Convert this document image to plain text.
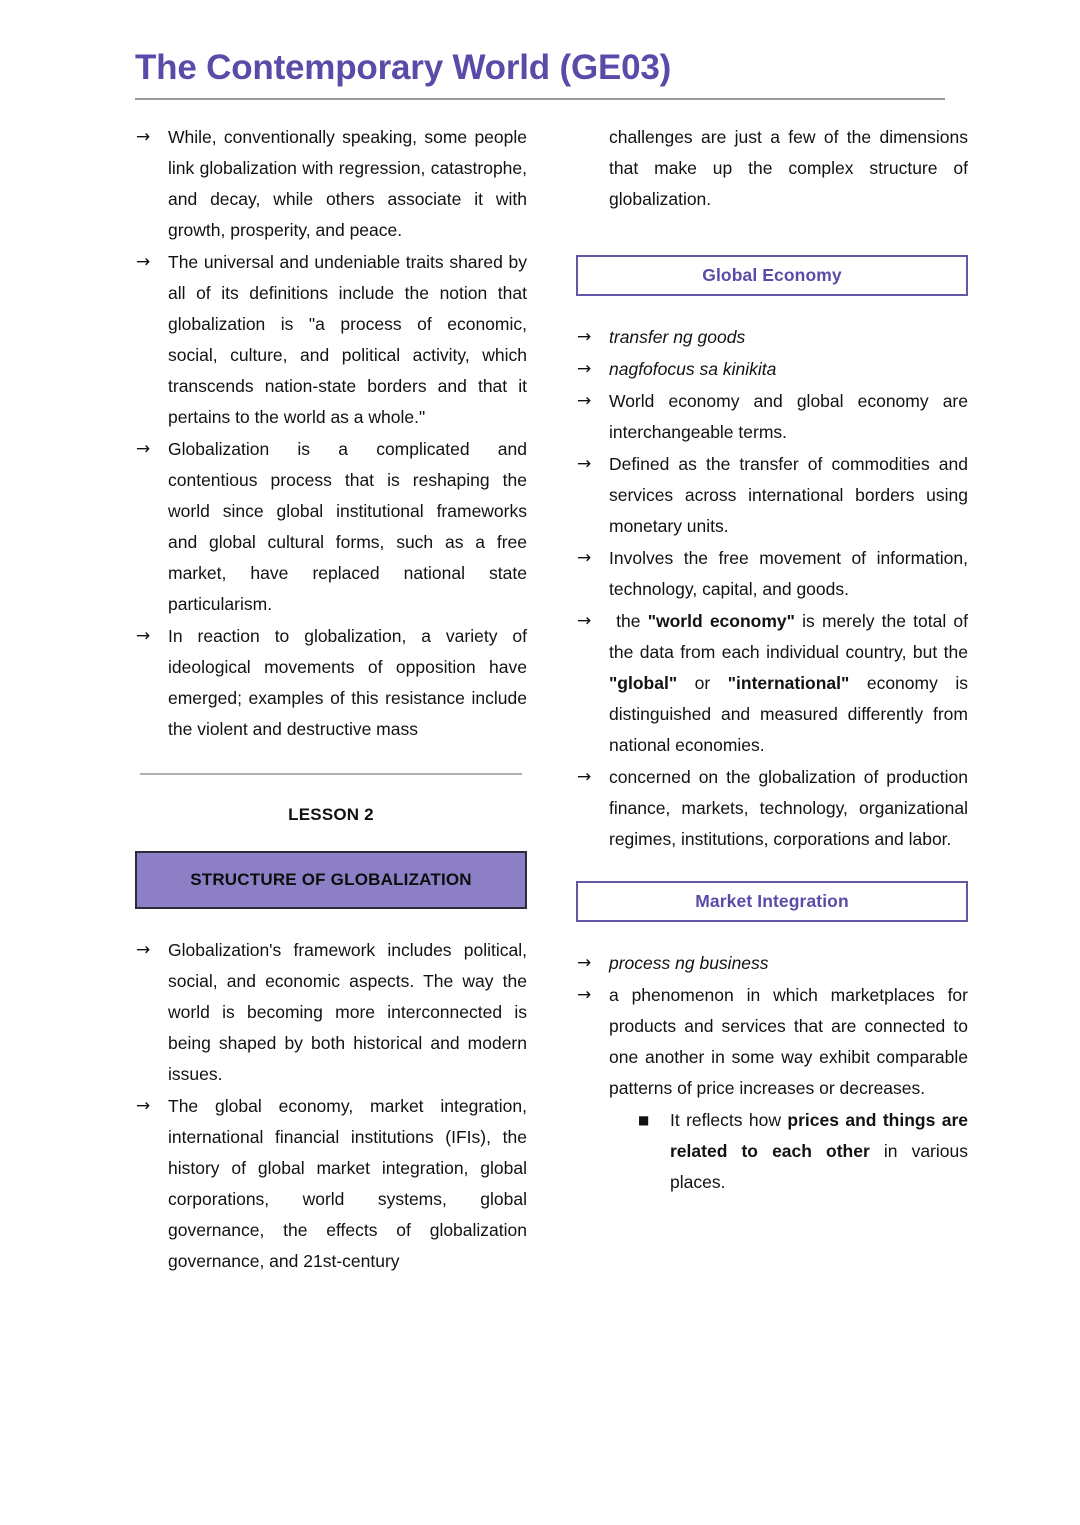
The Contemporary World (GE03)
→	While, conventionally speaking, some people link globalization with regression, catastrophe, and decay, while others associate it with growth, prosperity, and peace.
→	The universal and undeniable traits shared by all of its definitions include the notion that globalization is "a process of economic, social, culture, and political activity, which transcends nation-state borders and that it pertains to the world as a whole."
→	Globalization is a complicated and contentious process that is reshaping the world since global institutional frameworks and global cultural forms, such as a free market, have replaced national state particularism.
→	In reaction to globalization, a variety of ideological movements of opposition have emerged; examples of this resistance include the violent and destructive mass
LESSON 2
STRUCTURE OF GLOBALIZATION
→	Globalization's framework includes political, social, and economic aspects. The way the world is becoming more interconnected is being shaped by both historical and modern issues.
→	The global economy, market integration, international financial institutions (IFIs), the history of global market integration, global corporations, world systems, global governance, the effects of globalization governance, and 21st-century
challenges are just a few of the dimensions that make up the complex structure of globalization.
Global Economy
→	transfer ng goods
→	nagfofocus sa kinikita
→	World economy and global economy are interchangeable terms.
→	Defined as the transfer of commodities and services across international borders using monetary units.
→	Involves the free movement of information, technology, capital, and goods.
→	the "world economy" is merely the total of the data from each individual country, but the "global" or "international" economy is distinguished and measured differently from national economies.
→	concerned on the globalization of production finance, markets, technology, organizational regimes, institutions, corporations and labor.
Market Integration
→	process ng business
→	a phenomenon in which marketplaces for products and services that are connected to one another in some way exhibit comparable patterns of price increases or decreases.
■	It reflects how prices and things are related to each other in various places.
